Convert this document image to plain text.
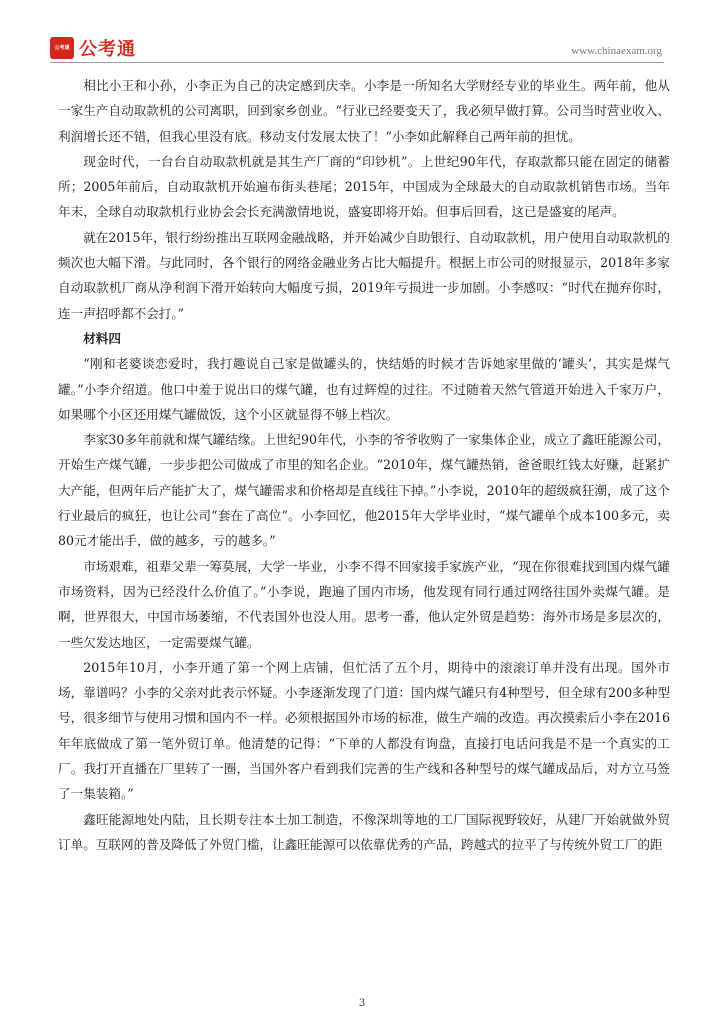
公考通 公考通	www.chinaexam.org

相比小王和小孙，小李正为自己的决定感到庆幸。小李是一所知名大学财经专业的毕业生。两年前，他从一家生产自动取款机的公司离职，回到家乡创业。“行业已经要变天了，我必须早做打算。公司当时营业收入、利润增长还不错，但我心里没有底。移动支付发展太快了！”小李如此解释自己两年前的担忧。

现金时代，一台台自动取款机就是其生产厂商的“印钞机”。上世纪90年代，存取款都只能在固定的储蓄所；2005年前后，自动取款机开始遍布街头巷尾；2015年，中国成为全球最大的自动取款机销售市场。当年年末，全球自动取款机行业协会会长充满激情地说，盛宴即将开始。但事后回看，这已是盛宴的尾声。

就在2015年，银行纷纷推出互联网金融战略，并开始减少自助银行、自动取款机，用户使用自动取款机的频次也大幅下滑。与此同时，各个银行的网络金融业务占比大幅提升。根据上市公司的财报显示，2018年多家自动取款机厂商从净利润下滑开始转向大幅度亏损，2019年亏损进一步加剧。小李感叹：“时代在抛弃你时，连一声招呼都不会打。”

材料四

“刚和老婆谈恋爱时，我打趣说自己家是做罐头的，快结婚的时候才告诉她家里做的‘罐头’，其实是煤气罐。”小李介绍道。他口中羞于说出口的煤气罐，也有过辉煌的过往。不过随着天然气管道开始进入千家万户，如果哪个小区还用煤气罐做饭，这个小区就显得不够上档次。

李家30多年前就和煤气罐结缘。上世纪90年代，小李的爷爷收购了一家集体企业，成立了鑫旺能源公司，开始生产煤气罐，一步步把公司做成了市里的知名企业。“2010年，煤气罐热销，爸爸眼红钱太好赚，赶紧扩大产能，但两年后产能扩大了，煤气罐需求和价格却是直线往下掉。”小李说，2010年的超级疯狂潮，成了这个行业最后的疯狂，也让公司“套在了高位”。小李回忆，他2015年大学毕业时，“煤气罐单个成本100多元，卖80元才能出手，做的越多，亏的越多。”

市场艰难，祖辈父辈一筹莫展，大学一毕业，小李不得不回家接手家族产业，“现在你很难找到国内煤气罐市场资料，因为已经没什么价值了。”小李说，跑遍了国内市场，他发现有同行通过网络往国外卖煤气罐。是啊，世界很大，中国市场萎缩，不代表国外也没人用。思考一番，他认定外贸是趋势：海外市场是多层次的，一些欠发达地区，一定需要煤气罐。

2015年10月，小李开通了第一个网上店铺，但忙活了五个月，期待中的滚滚订单并没有出现。国外市场，靠谱吗？小李的父亲对此表示怀疑。小李逐渐发现了门道：国内煤气罐只有4种型号，但全球有200多种型号，很多细节与使用习惯和国内不一样。必须根据国外市场的标准，做生产端的改造。再次摸索后小李在2016年年底做成了第一笔外贸订单。他清楚的记得：“下单的人都没有询盘，直接打电话问我是不是一个真实的工厂。我打开直播在厂里转了一圈，当国外客户看到我们完善的生产线和各种型号的煤气罐成品后，对方立马签了一集装箱。”

鑫旺能源地处内陆，且长期专注本土加工制造，不像深圳等地的工厂国际视野较好，从建厂开始就做外贸订单。互联网的普及降低了外贸门槛，让鑫旺能源可以依靠优秀的产品，跨越式的拉平了与传统外贸工厂的距

3
